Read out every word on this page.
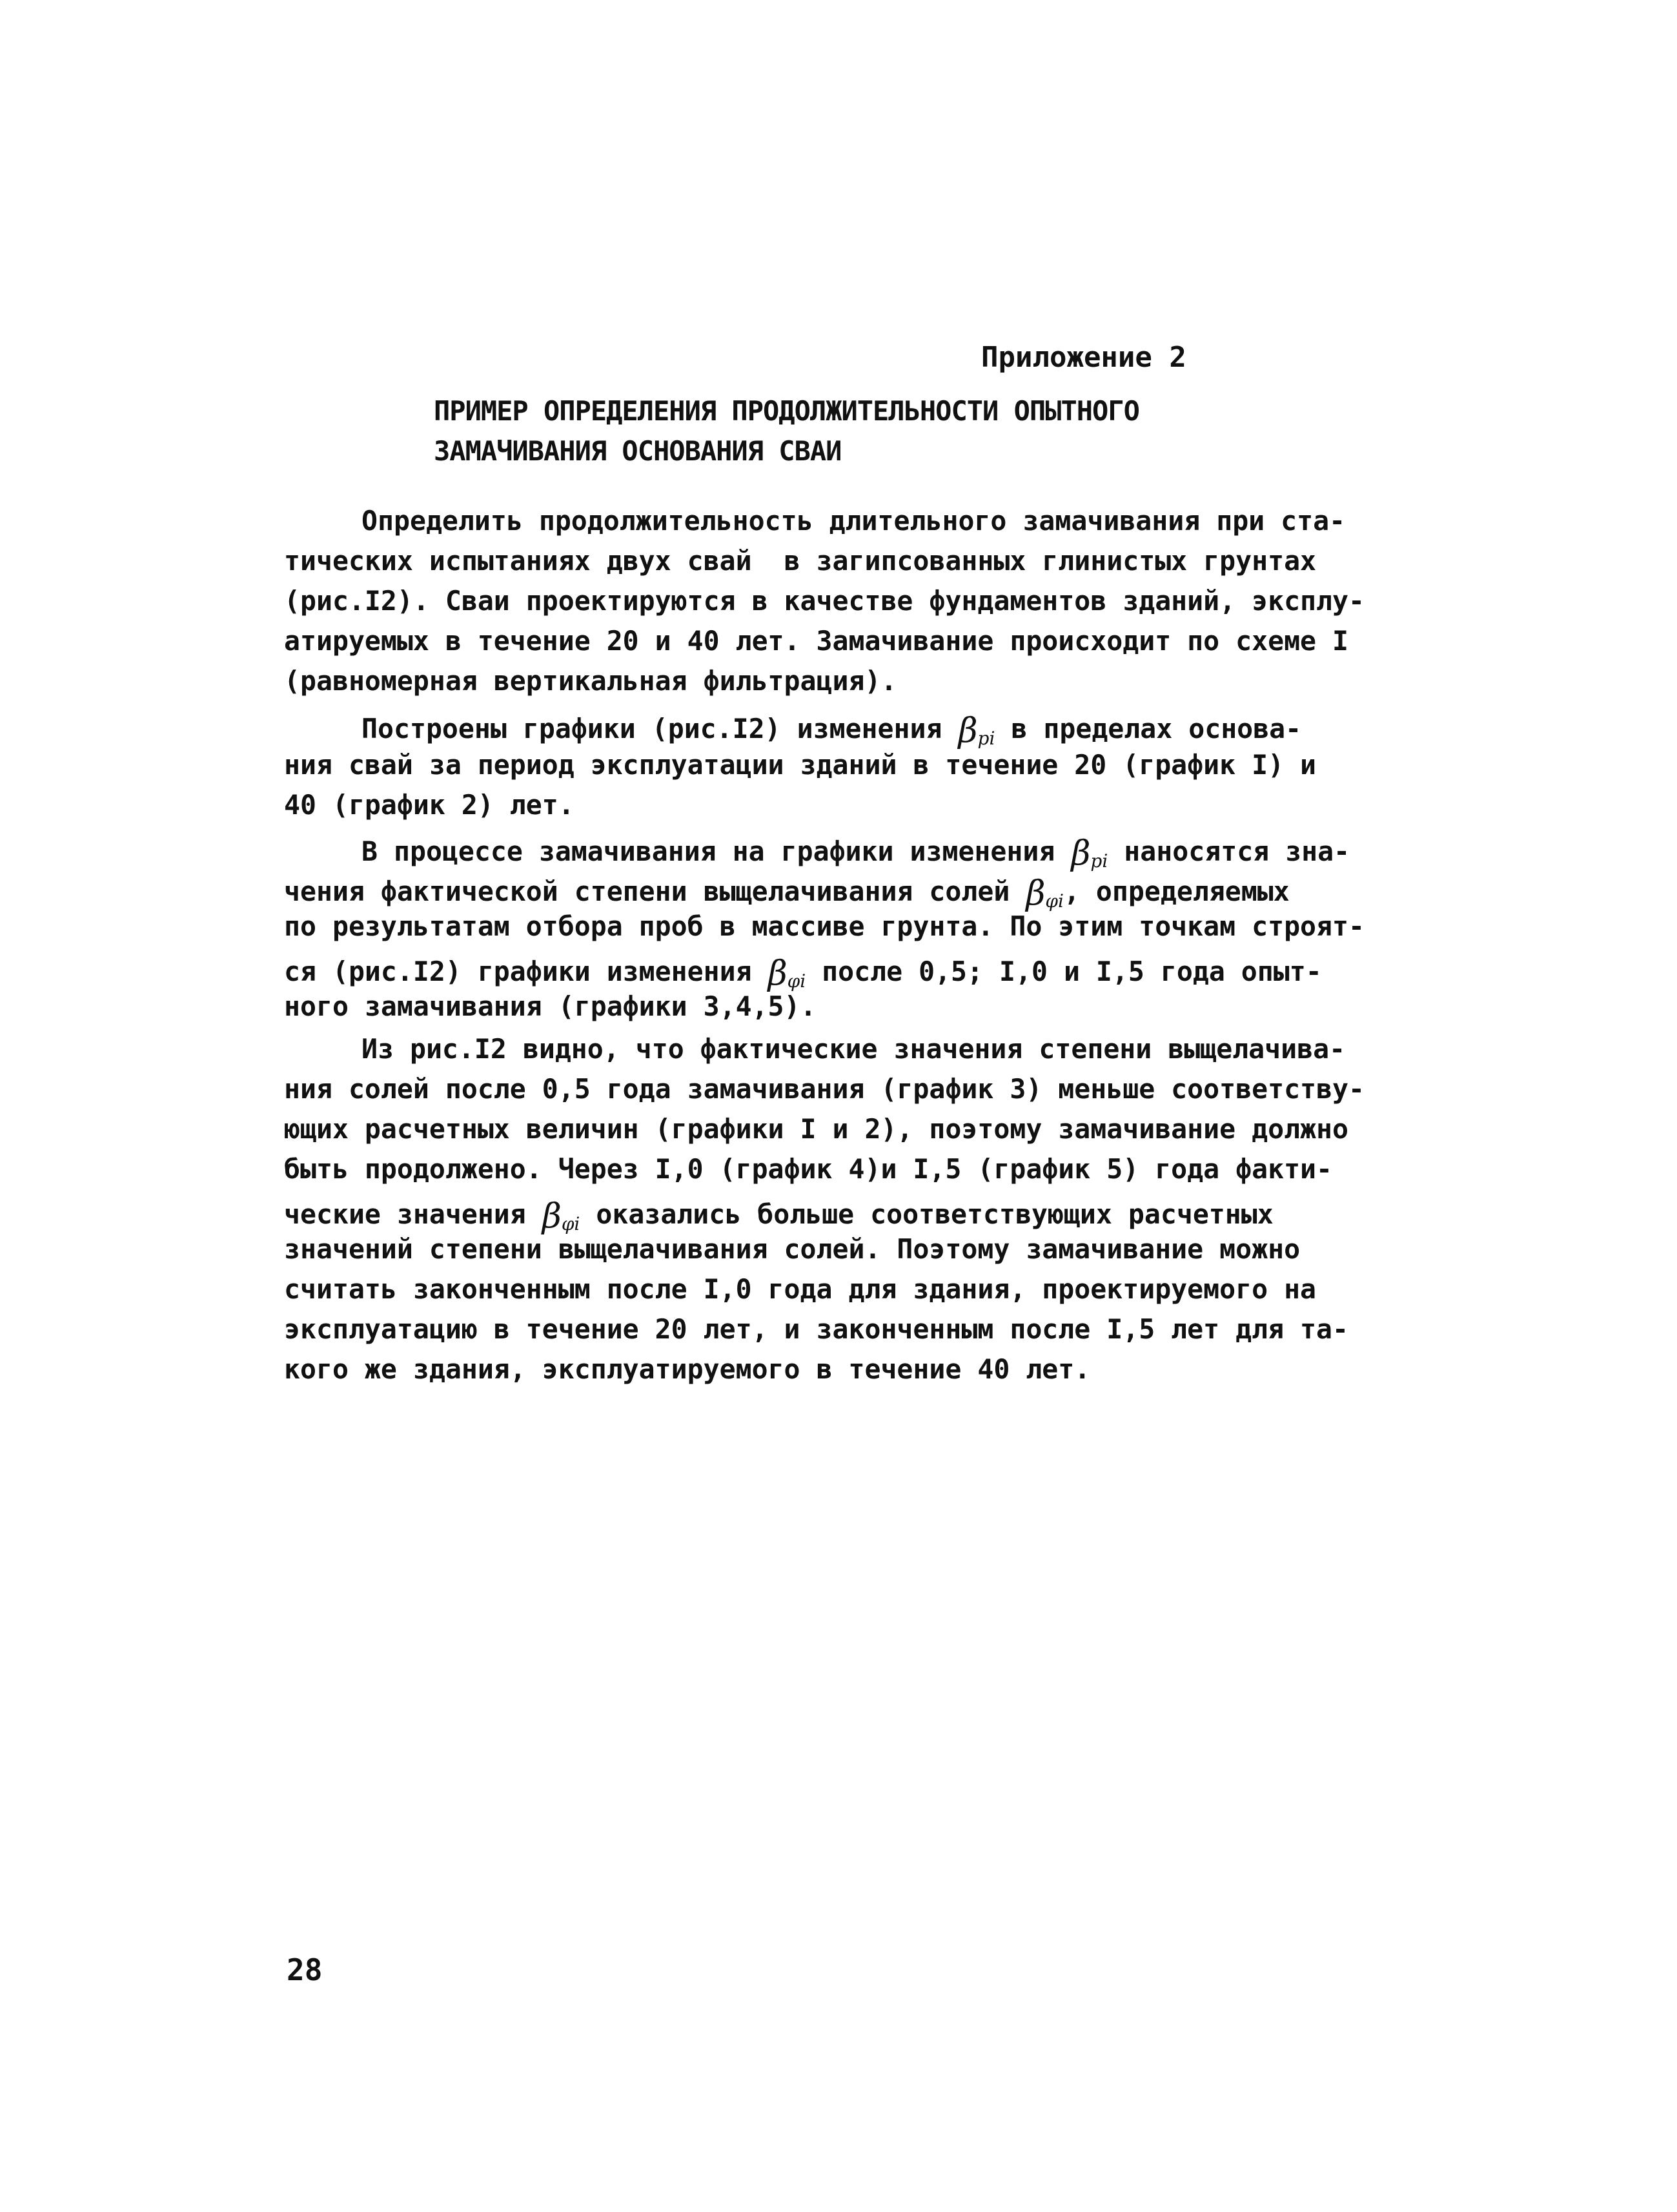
Приложение 2
ПРИМЕР ОПРЕДЕЛЕНИЯ ПРОДОЛЖИТЕЛЬНОСТИ ОПЫТНОГО
ЗАМАЧИВАНИЯ ОСНОВАНИЯ СВАИ
Определить продолжительность длительного замачивания при ста-
тических испытаниях двух свай  в загипсованных глинистых грунтах
(рис.I2). Сваи проектируются в качестве фундаментов зданий, эксплу-
атируемых в течение 20 и 40 лет. Замачивание происходит по схеме I
(равномерная вертикальная фильтрация).
Построены графики (рис.I2) изменения $\beta_{pi}$ в пределах основа-
ния свай за период эксплуатации зданий в течение 20 (график I) и
40 (график 2) лет.
В процессе замачивания на графики изменения $\beta_{pi}$ наносятся зна-
чения фактической степени выщелачивания солей $\beta_{\varphi i}$, определяемых
по результатам отбора проб в массиве грунта. По этим точкам строят-
ся (рис.I2) графики изменения $\beta_{\varphi i}$ после 0,5; I,0 и I,5 года опыт-
ного замачивания (графики 3,4,5).
Из рис.I2 видно, что фактические значения степени выщелачива-
ния солей после 0,5 года замачивания (график 3) меньше соответству-
ющих расчетных величин (графики I и 2), поэтому замачивание должно
быть продолжено. Через I,0 (график 4)и I,5 (график 5) года факти-
ческие значения $\beta_{\varphi i}$ оказались больше соответствующих расчетных
значений степени выщелачивания солей. Поэтому замачивание можно
считать законченным после I,0 года для здания, проектируемого на
эксплуатацию в течение 20 лет, и законченным после I,5 лет для та-
кого же здания, эксплуатируемого в течение 40 лет.
28
